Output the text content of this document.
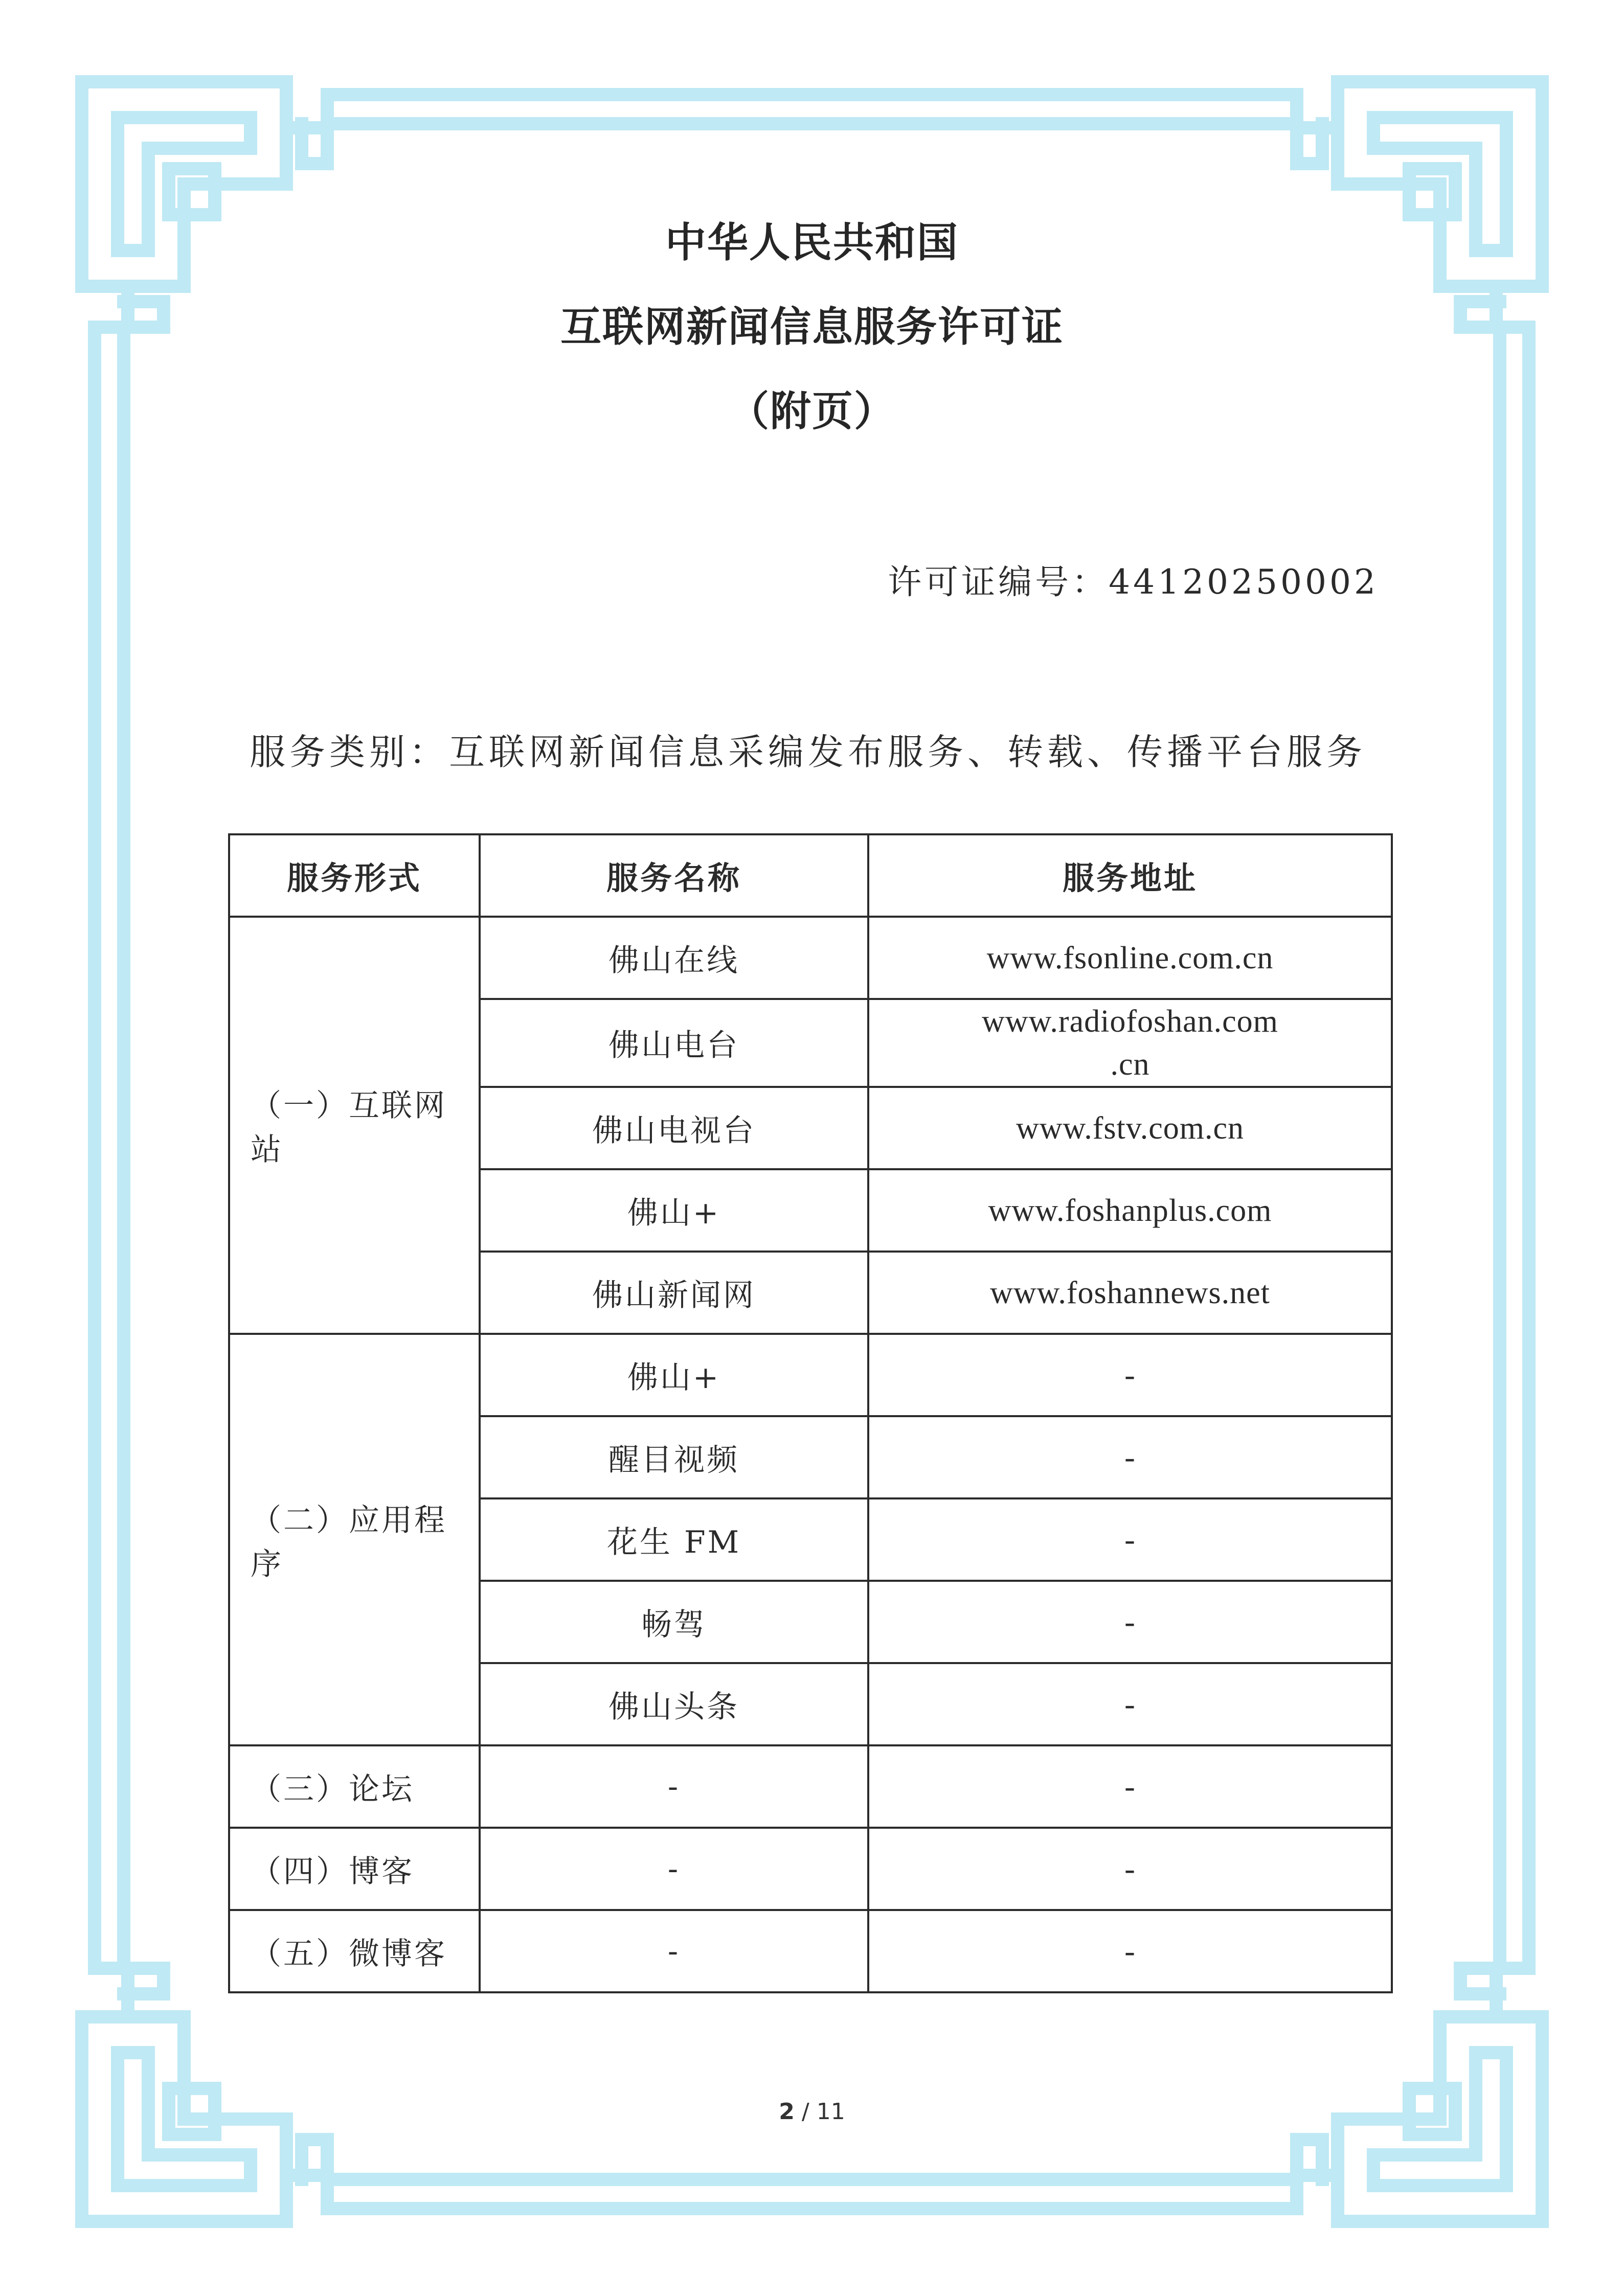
中华人民共和国
互联网新闻信息服务许可证
（附页）
许可证编号：44120250002
服务类别：互联网新闻信息采编发布服务、转载、传播平台服务
服务形式	服务名称	服务地址
（一）互联网站	佛山在线	www.fsonline.com.cn
	佛山电台	www.radiofoshan.com
.cn
	佛山电视台	www.fstv.com.cn
	佛山+	www.foshanplus.com
	佛山新闻网	www.foshannews.net
（二）应用程序	佛山+	-
	醒目视频	-
	花生 FM	-
	畅驾	-
	佛山头条	-
（三）论坛	-	-
（四）博客	-	-
（五）微博客	-	-
2 / 11
